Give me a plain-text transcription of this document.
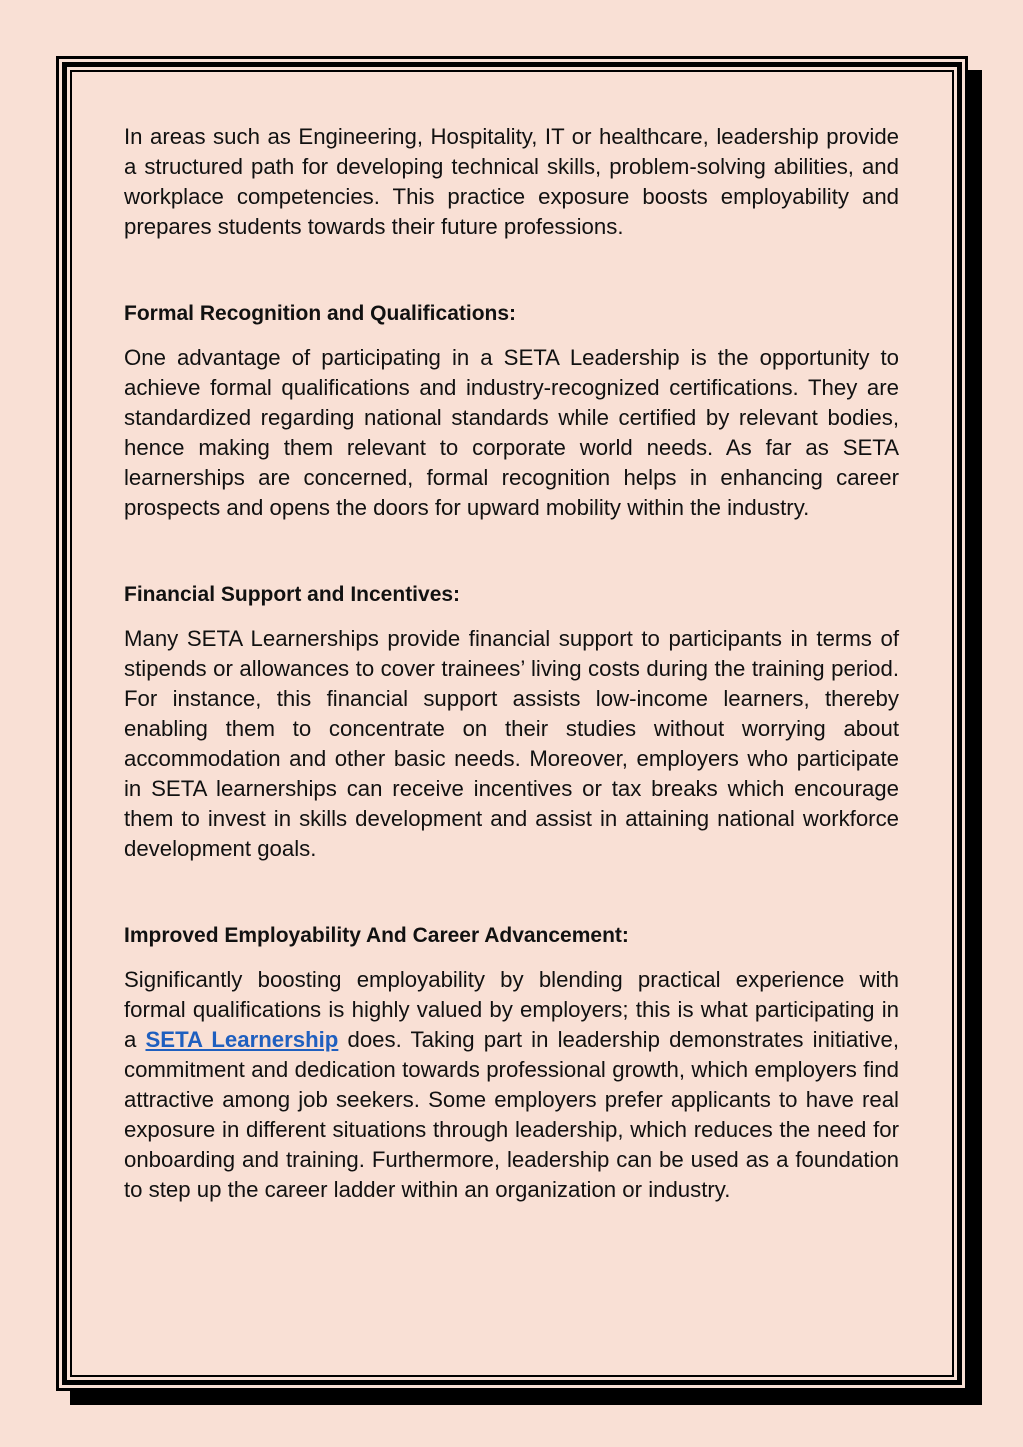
In areas such as Engineering, Hospitality, IT or healthcare, leadership provide a structured path for developing technical skills, problem-solving abilities, and workplace competencies. This practice exposure boosts employability and prepares students towards their future professions.

Formal Recognition and Qualifications:

One advantage of participating in a SETA Leadership is the opportunity to achieve formal qualifications and industry-recognized certifications. They are standardized regarding national standards while certified by relevant bodies, hence making them relevant to corporate world needs. As far as SETA learnerships are concerned, formal recognition helps in enhancing career prospects and opens the doors for upward mobility within the industry.

Financial Support and Incentives:

Many SETA Learnerships provide financial support to participants in terms of stipends or allowances to cover trainees’ living costs during the training period. For instance, this financial support assists low-income learners, thereby enabling them to concentrate on their studies without worrying about accommodation and other basic needs. Moreover, employers who participate in SETA learnerships can receive incentives or tax breaks which encourage them to invest in skills development and assist in attaining national workforce development goals.

Improved Employability And Career Advancement:

Significantly boosting employability by blending practical experience with formal qualifications is highly valued by employers; this is what participating in a SETA Learnership does. Taking part in leadership demonstrates initiative, commitment and dedication towards professional growth, which employers find attractive among job seekers. Some employers prefer applicants to have real exposure in different situations through leadership, which reduces the need for onboarding and training. Furthermore, leadership can be used as a foundation to step up the career ladder within an organization or industry.
